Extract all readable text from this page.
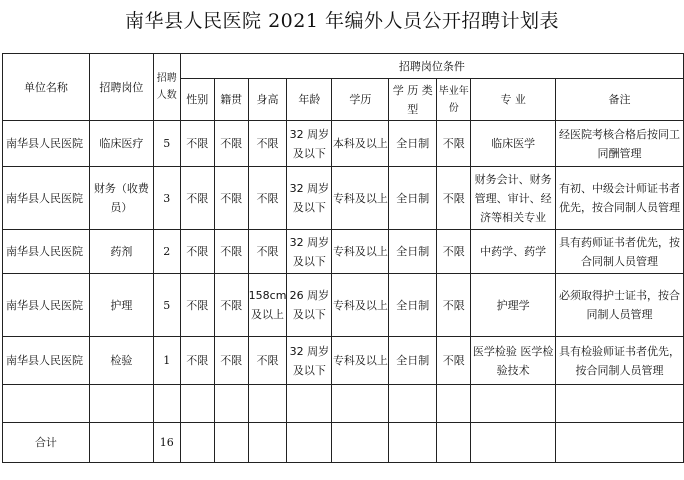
南华县人民医院 2021 年编外人员公开招聘计划表
单位名称	招聘岗位	招聘人数	招聘岗位条件								
			性别	籍贯	身高	年龄	学历	学 历 类 型	毕业年份	专 业	备注
南华县人民医院	临床医疗	5	不限	不限	不限	32 周岁及以下	本科及以上	全日制	不限	临床医学	经医院考核合格后按同工同酬管理
南华县人民医院	财务（收费员）	3	不限	不限	不限	32 周岁及以下	专科及以上	全日制	不限	财务会计、财务管理、审计、经济等相关专业	有初、中级会计师证书者优先，按合同制人员管理
南华县人民医院	药剂	2	不限	不限	不限	32 周岁及以下	专科及以上	全日制	不限	中药学、药学	具有药师证书者优先，按合同制人员管理
南华县人民医院	护理	5	不限	不限	158cm及以上	26 周岁及以下	专科及以上	全日制	不限	护理学	必须取得护士证书，按合同制人员管理
南华县人民医院	检验	1	不限	不限	不限	32 周岁及以下	专科及以上	全日制	不限	医学检验 医学检验技术	具有检验师证书者优先，按合同制人员管理

合计		16									
